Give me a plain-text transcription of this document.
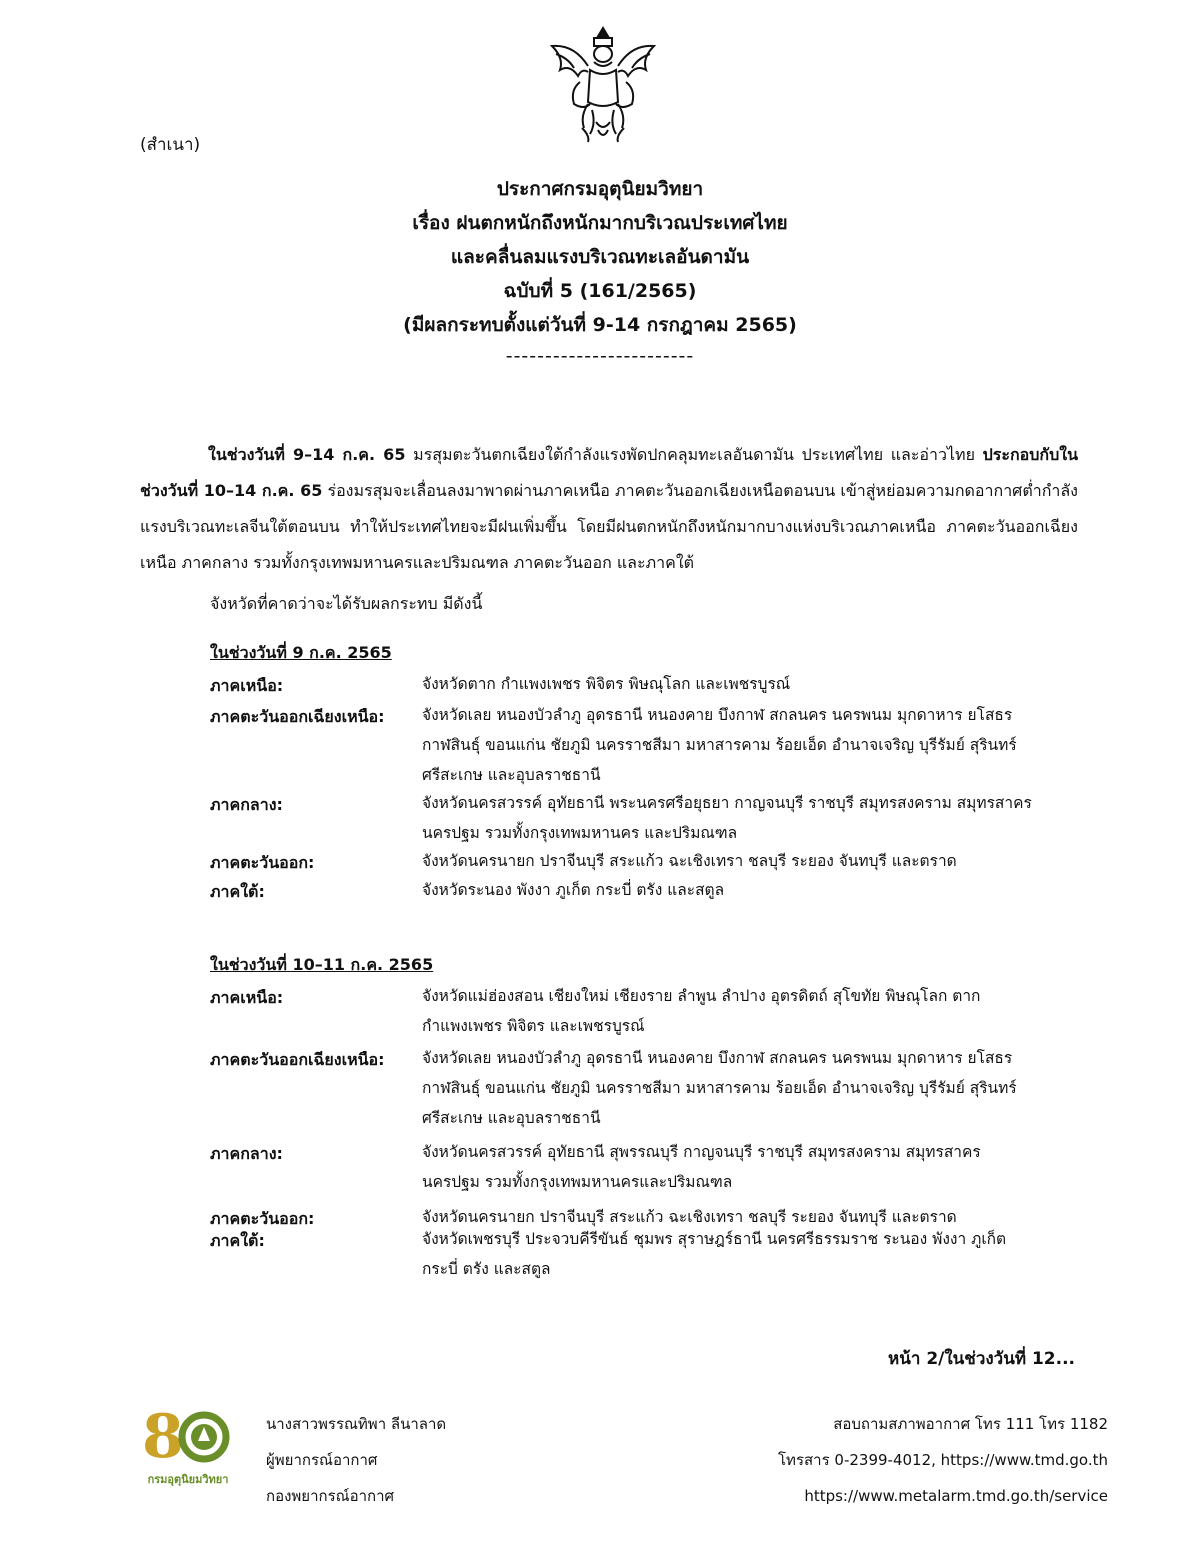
(สำเนา)
ประกาศกรมอุตุนิยมวิทยา
เรื่อง ฝนตกหนักถึงหนักมากบริเวณประเทศไทย
และคลื่นลมแรงบริเวณทะเลอันดามัน
ฉบับที่ 5 (161/2565)
(มีผลกระทบตั้งแต่วันที่ 9-14 กรกฎาคม 2565)
------------------------
ในช่วงวันที่ 9–14 ก.ค. 65 มรสุมตะวันตกเฉียงใต้กำลังแรงพัดปกคลุมทะเลอันดามัน ประเทศไทย และอ่าวไทย ประกอบกับในช่วงวันที่ 10–14 ก.ค. 65 ร่องมรสุมจะเลื่อนลงมาพาดผ่านภาคเหนือ ภาคตะวันออกเฉียงเหนือตอนบน เข้าสู่หย่อมความกดอากาศต่ำกำลังแรงบริเวณทะเลจีนใต้ตอนบน ทำให้ประเทศไทยจะมีฝนเพิ่มขึ้น โดยมีฝนตกหนักถึงหนักมากบางแห่งบริเวณภาคเหนือ ภาคตะวันออกเฉียงเหนือ ภาคกลาง รวมทั้งกรุงเทพมหานครและปริมณฑล ภาคตะวันออก และภาคใต้
จังหวัดที่คาดว่าจะได้รับผลกระทบ มีดังนี้
ในช่วงวันที่ 9 ก.ค. 2565
ภาคเหนือ:	จังหวัดตาก กำแพงเพชร พิจิตร พิษณุโลก และเพชรบูรณ์
ภาคตะวันออกเฉียงเหนือ: จังหวัดเลย หนองบัวลำภู อุดรธานี หนองคาย บึงกาฬ สกลนคร นครพนม มุกดาหาร ยโสธร
กาฬสินธุ์ ขอนแก่น ชัยภูมิ นครราชสีมา มหาสารคาม ร้อยเอ็ด อำนาจเจริญ บุรีรัมย์ สุรินทร์
ศรีสะเกษ และอุบลราชธานี
ภาคกลาง:	จังหวัดนครสวรรค์ อุทัยธานี พระนครศรีอยุธยา กาญจนบุรี ราชบุรี สมุทรสงคราม สมุทรสาคร
นครปฐม รวมทั้งกรุงเทพมหานคร และปริมณฑล
ภาคตะวันออก:	จังหวัดนครนายก ปราจีนบุรี สระแก้ว ฉะเชิงเทรา ชลบุรี ระยอง จันทบุรี และตราด
ภาคใต้:	จังหวัดระนอง พังงา ภูเก็ต กระบี่ ตรัง และสตูล
ในช่วงวันที่ 10–11 ก.ค. 2565
ภาคเหนือ:	จังหวัดแม่ฮ่องสอน เชียงใหม่ เชียงราย ลำพูน ลำปาง อุตรดิตถ์ สุโขทัย พิษณุโลก ตาก
กำแพงเพชร พิจิตร และเพชรบูรณ์
ภาคตะวันออกเฉียงเหนือ: จังหวัดเลย หนองบัวลำภู อุดรธานี หนองคาย บึงกาฬ สกลนคร นครพนม มุกดาหาร ยโสธร
กาฬสินธุ์ ขอนแก่น ชัยภูมิ นครราชสีมา มหาสารคาม ร้อยเอ็ด อำนาจเจริญ บุรีรัมย์ สุรินทร์
ศรีสะเกษ และอุบลราชธานี
ภาคกลาง:	จังหวัดนครสวรรค์ อุทัยธานี สุพรรณบุรี กาญจนบุรี ราชบุรี สมุทรสงคราม สมุทรสาคร
นครปฐม รวมทั้งกรุงเทพมหานครและปริมณฑล
ภาคตะวันออก:	จังหวัดนครนายก ปราจีนบุรี สระแก้ว ฉะเชิงเทรา ชลบุรี ระยอง จันทบุรี และตราด
ภาคใต้:	จังหวัดเพชรบุรี ประจวบคีรีขันธ์ ชุมพร สุราษฎร์ธานี นครศรีธรรมราช ระนอง พังงา ภูเก็ต
กระบี่ ตรัง และสตูล
หน้า 2/ในช่วงวันที่ 12...
8
กรมอุตุนิยมวิทยา
นางสาวพรรณทิพา ลีนาลาด
ผู้พยากรณ์อากาศ
กองพยากรณ์อากาศ
สอบถามสภาพอากาศ โทร 111 โทร 1182
โทรสาร 0-2399-4012, https://www.tmd.go.th
https://www.metalarm.tmd.go.th/service
